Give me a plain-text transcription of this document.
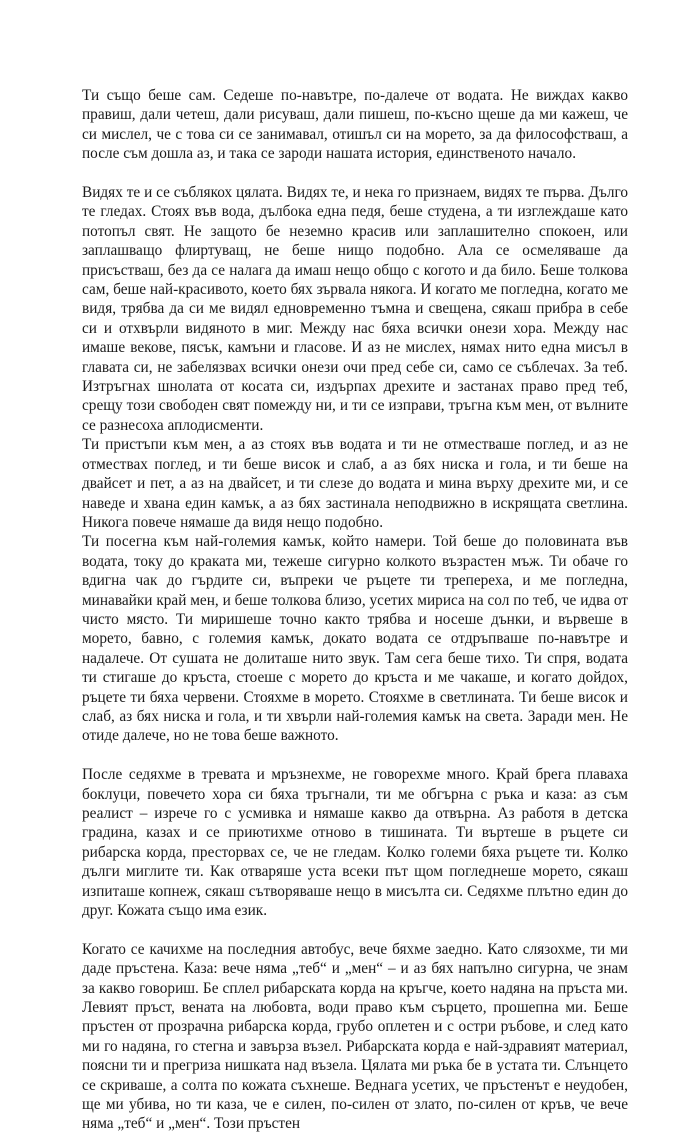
Ти също беше сам. Седеше по-навътре, по-далече от водата. Не виждах какво правиш, дали четеш, дали рисуваш, дали пишеш, по-късно щеше да ми кажеш, че си мислел, че с това си се занимавал, отишъл си на морето, за да философстваш, а после съм дошла аз, и така се зароди нашата история, единственото начало.

Видях те и се съблякох цялата. Видях те, и нека го признаем, видях те първа. Дълго те гледах. Стоях във вода, дълбока една педя, беше студена, а ти изглеждаше като потопъл свят. Не защото бе неземно красив или заплашително спокоен, или заплашващо флиртуващ, не беше нищо подобно. Ала се осмеляваше да присъстваш, без да се налага да имаш нещо общо с когото и да било. Беше толкова сам, беше най-красивото, което бях зървала някога. И когато ме погледна, когато ме видя, трябва да си ме видял едновременно тъмна и свещена, сякаш прибра в себе си и отхвърли видяното в миг. Между нас бяха всички онези хора. Между нас имаше векове, пясък, камъни и гласове. И аз не мислех, нямах нито една мисъл в главата си, не забелязвах всички онези очи пред себе си, само се съблечах. За теб. Изтръгнах шнолата от косата си, издърпах дрехите и застанах право пред теб, срещу този свободен свят помежду ни, и ти се изправи, тръгна към мен, от вълните се разнесоха аплодисменти.

Ти пристъпи към мен, а аз стоях във водата и ти не отместваше поглед, и аз не отмествах поглед, и ти беше висок и слаб, а аз бях ниска и гола, и ти беше на двайсет и пет, а аз на двайсет, и ти слезе до водата и мина върху дрехите ми, и се наведе и хвана един камък, а аз бях застинала неподвижно в искрящата светлина. Никога повече нямаше да видя нещо подобно.

Ти посегна към най-големия камък, който намери. Той беше до половината във водата, току до краката ми, тежеше сигурно колкото възрастен мъж. Ти обаче го вдигна чак до гърдите си, въпреки че ръцете ти трепереха, и ме погледна, минавайки край мен, и беше толкова близо, усетих мириса на сол по теб, че идва от чисто място. Ти миришеше точно както трябва и носеше дънки, и вървеше в морето, бавно, с големия камък, докато водата се отдръпваше по-навътре и надалече. От сушата не долиташе нито звук. Там сега беше тихо. Ти спря, водата ти стигаше до кръста, стоеше с морето до кръста и ме чакаше, и когато дойдох, ръцете ти бяха червени. Стояхме в морето. Стояхме в светлината. Ти беше висок и слаб, аз бях ниска и гола, и ти хвърли най-големия камък на света. Заради мен. Не отиде далече, но не това беше важното.

После седяхме в тревата и мръзнехме, не говорехме много. Край брега плаваха боклуци, повечето хора си бяха тръгнали, ти ме обгърна с ръка и каза: аз съм реалист – изрече го с усмивка и нямаше какво да отвърна. Аз работя в детска градина, казах и се приютихме отново в тишината. Ти въртеше в ръцете си рибарска корда, престорвах се, че не гледам. Колко големи бяха ръцете ти. Колко дълги миглите ти. Как отваряше уста всеки път щом погледнеше морето, сякаш изпиташе копнеж, сякаш сътворяваше нещо в мисълта си. Седяхме плътно един до друг. Кожата също има език.

Когато се качихме на последния автобус, вече бяхме заедно. Като слязохме, ти ми даде пръстена. Каза: вече няма „теб“ и „мен“ – и аз бях напълно сигурна, че знам за какво говориш. Бе сплел рибарската корда на кръгче, което надяна на пръста ми. Левият пръст, вената на любовта, води право към сърцето, прошепна ми. Беше пръстен от прозрачна рибарска корда, грубо оплетен и с остри ръбове, и след като ми го надяна, го стегна и завърза възел. Рибарската корда е най-здравият материал, поясни ти и прегриза нишката над възела. Цялата ми ръка бе в устата ти. Слънцето се скриваше, а солта по кожата съхнеше. Веднага усетих, че пръстенът е неудобен, ще ми убива, но ти каза, че е силен, по-силен от злато, по-силен от кръв, че вече няма „теб“ и „мен“. Този пръстен
